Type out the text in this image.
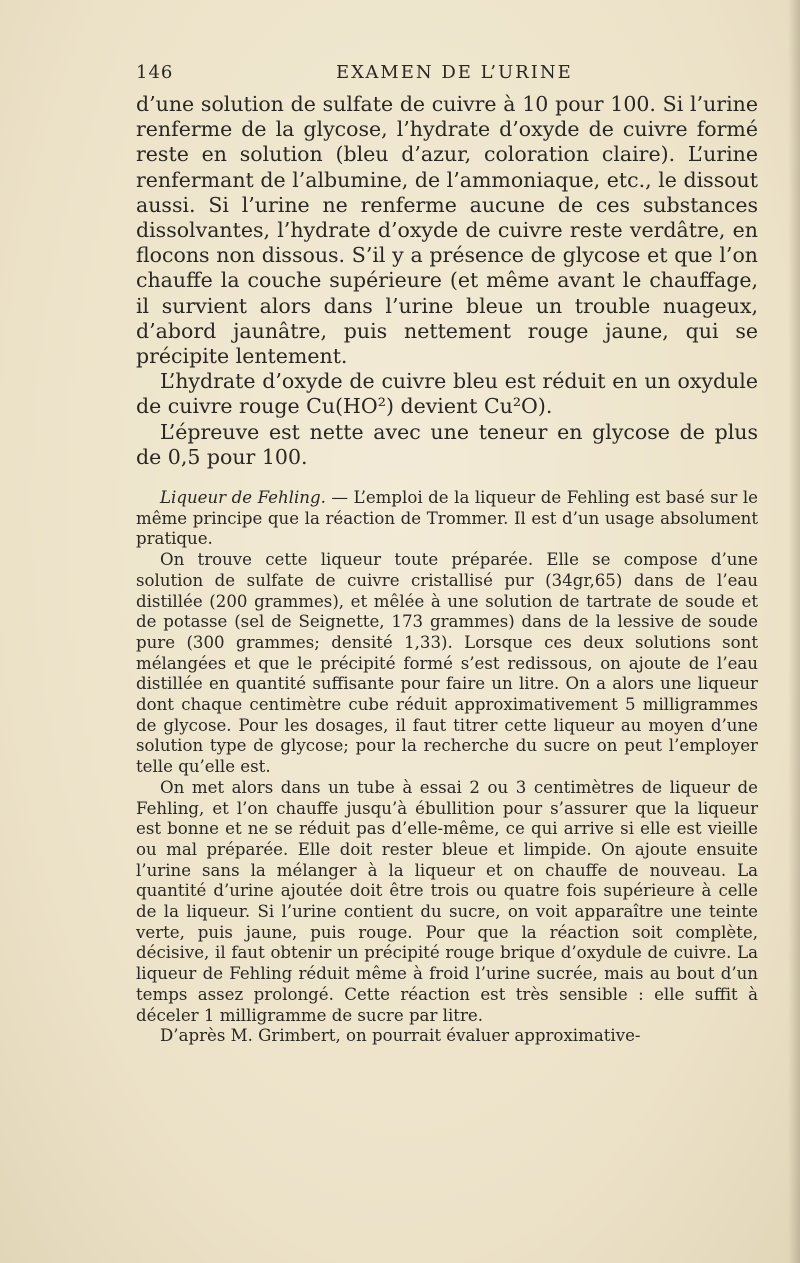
146	EXAMEN DE L’URINE

d’une solution de sulfate de cuivre à 10 pour 100. Si l’urine renferme de la glycose, l’hydrate d’oxyde de cuivre formé reste en solution (bleu d’azur, coloration claire). L’urine renfermant de l’albumine, de l’ammoniaque, etc., le dissout aussi. Si l’urine ne renferme aucune de ces substances dissolvantes, l’hydrate d’oxyde de cuivre reste verdâtre, en flocons non dissous. S’il y a présence de glycose et que l’on chauffe la couche supérieure (et même avant le chauffage, il survient alors dans l’urine bleue un trouble nuageux, d’abord jaunâtre, puis nettement rouge jaune, qui se précipite lentement.

L’hydrate d’oxyde de cuivre bleu est réduit en un oxydule de cuivre rouge Cu(HO²) devient Cu²O).

L’épreuve est nette avec une teneur en glycose de plus de 0,5 pour 100.

Liqueur de Fehling. — L’emploi de la liqueur de Fehling est basé sur le même principe que la réaction de Trommer. Il est d’un usage absolument pratique.

On trouve cette liqueur toute préparée. Elle se compose d’une solution de sulfate de cuivre cristallisé pur (34gr,65) dans de l’eau distillée (200 grammes), et mêlée à une solution de tartrate de soude et de potasse (sel de Seignette, 173 grammes) dans de la lessive de soude pure (300 grammes; densité 1,33). Lorsque ces deux solutions sont mélangées et que le précipité formé s’est redissous, on ajoute de l’eau distillée en quantité suffisante pour faire un litre. On a alors une liqueur dont chaque centimètre cube réduit approximativement 5 milligrammes de glycose. Pour les dosages, il faut titrer cette liqueur au moyen d’une solution type de glycose; pour la recherche du sucre on peut l’employer telle qu’elle est.

On met alors dans un tube à essai 2 ou 3 centimètres de liqueur de Fehling, et l’on chauffe jusqu’à ébullition pour s’assurer que la liqueur est bonne et ne se réduit pas d’elle-même, ce qui arrive si elle est vieille ou mal préparée. Elle doit rester bleue et limpide. On ajoute ensuite l’urine sans la mélanger à la liqueur et on chauffe de nouveau. La quantité d’urine ajoutée doit être trois ou quatre fois supérieure à celle de la liqueur. Si l’urine contient du sucre, on voit apparaître une teinte verte, puis jaune, puis rouge. Pour que la réaction soit complète, décisive, il faut obtenir un précipité rouge brique d’oxydule de cuivre. La liqueur de Fehling réduit même à froid l’urine sucrée, mais au bout d’un temps assez prolongé. Cette réaction est très sensible : elle suffit à déceler 1 milligramme de sucre par litre.

D’après M. Grimbert, on pourrait évaluer approximative-
